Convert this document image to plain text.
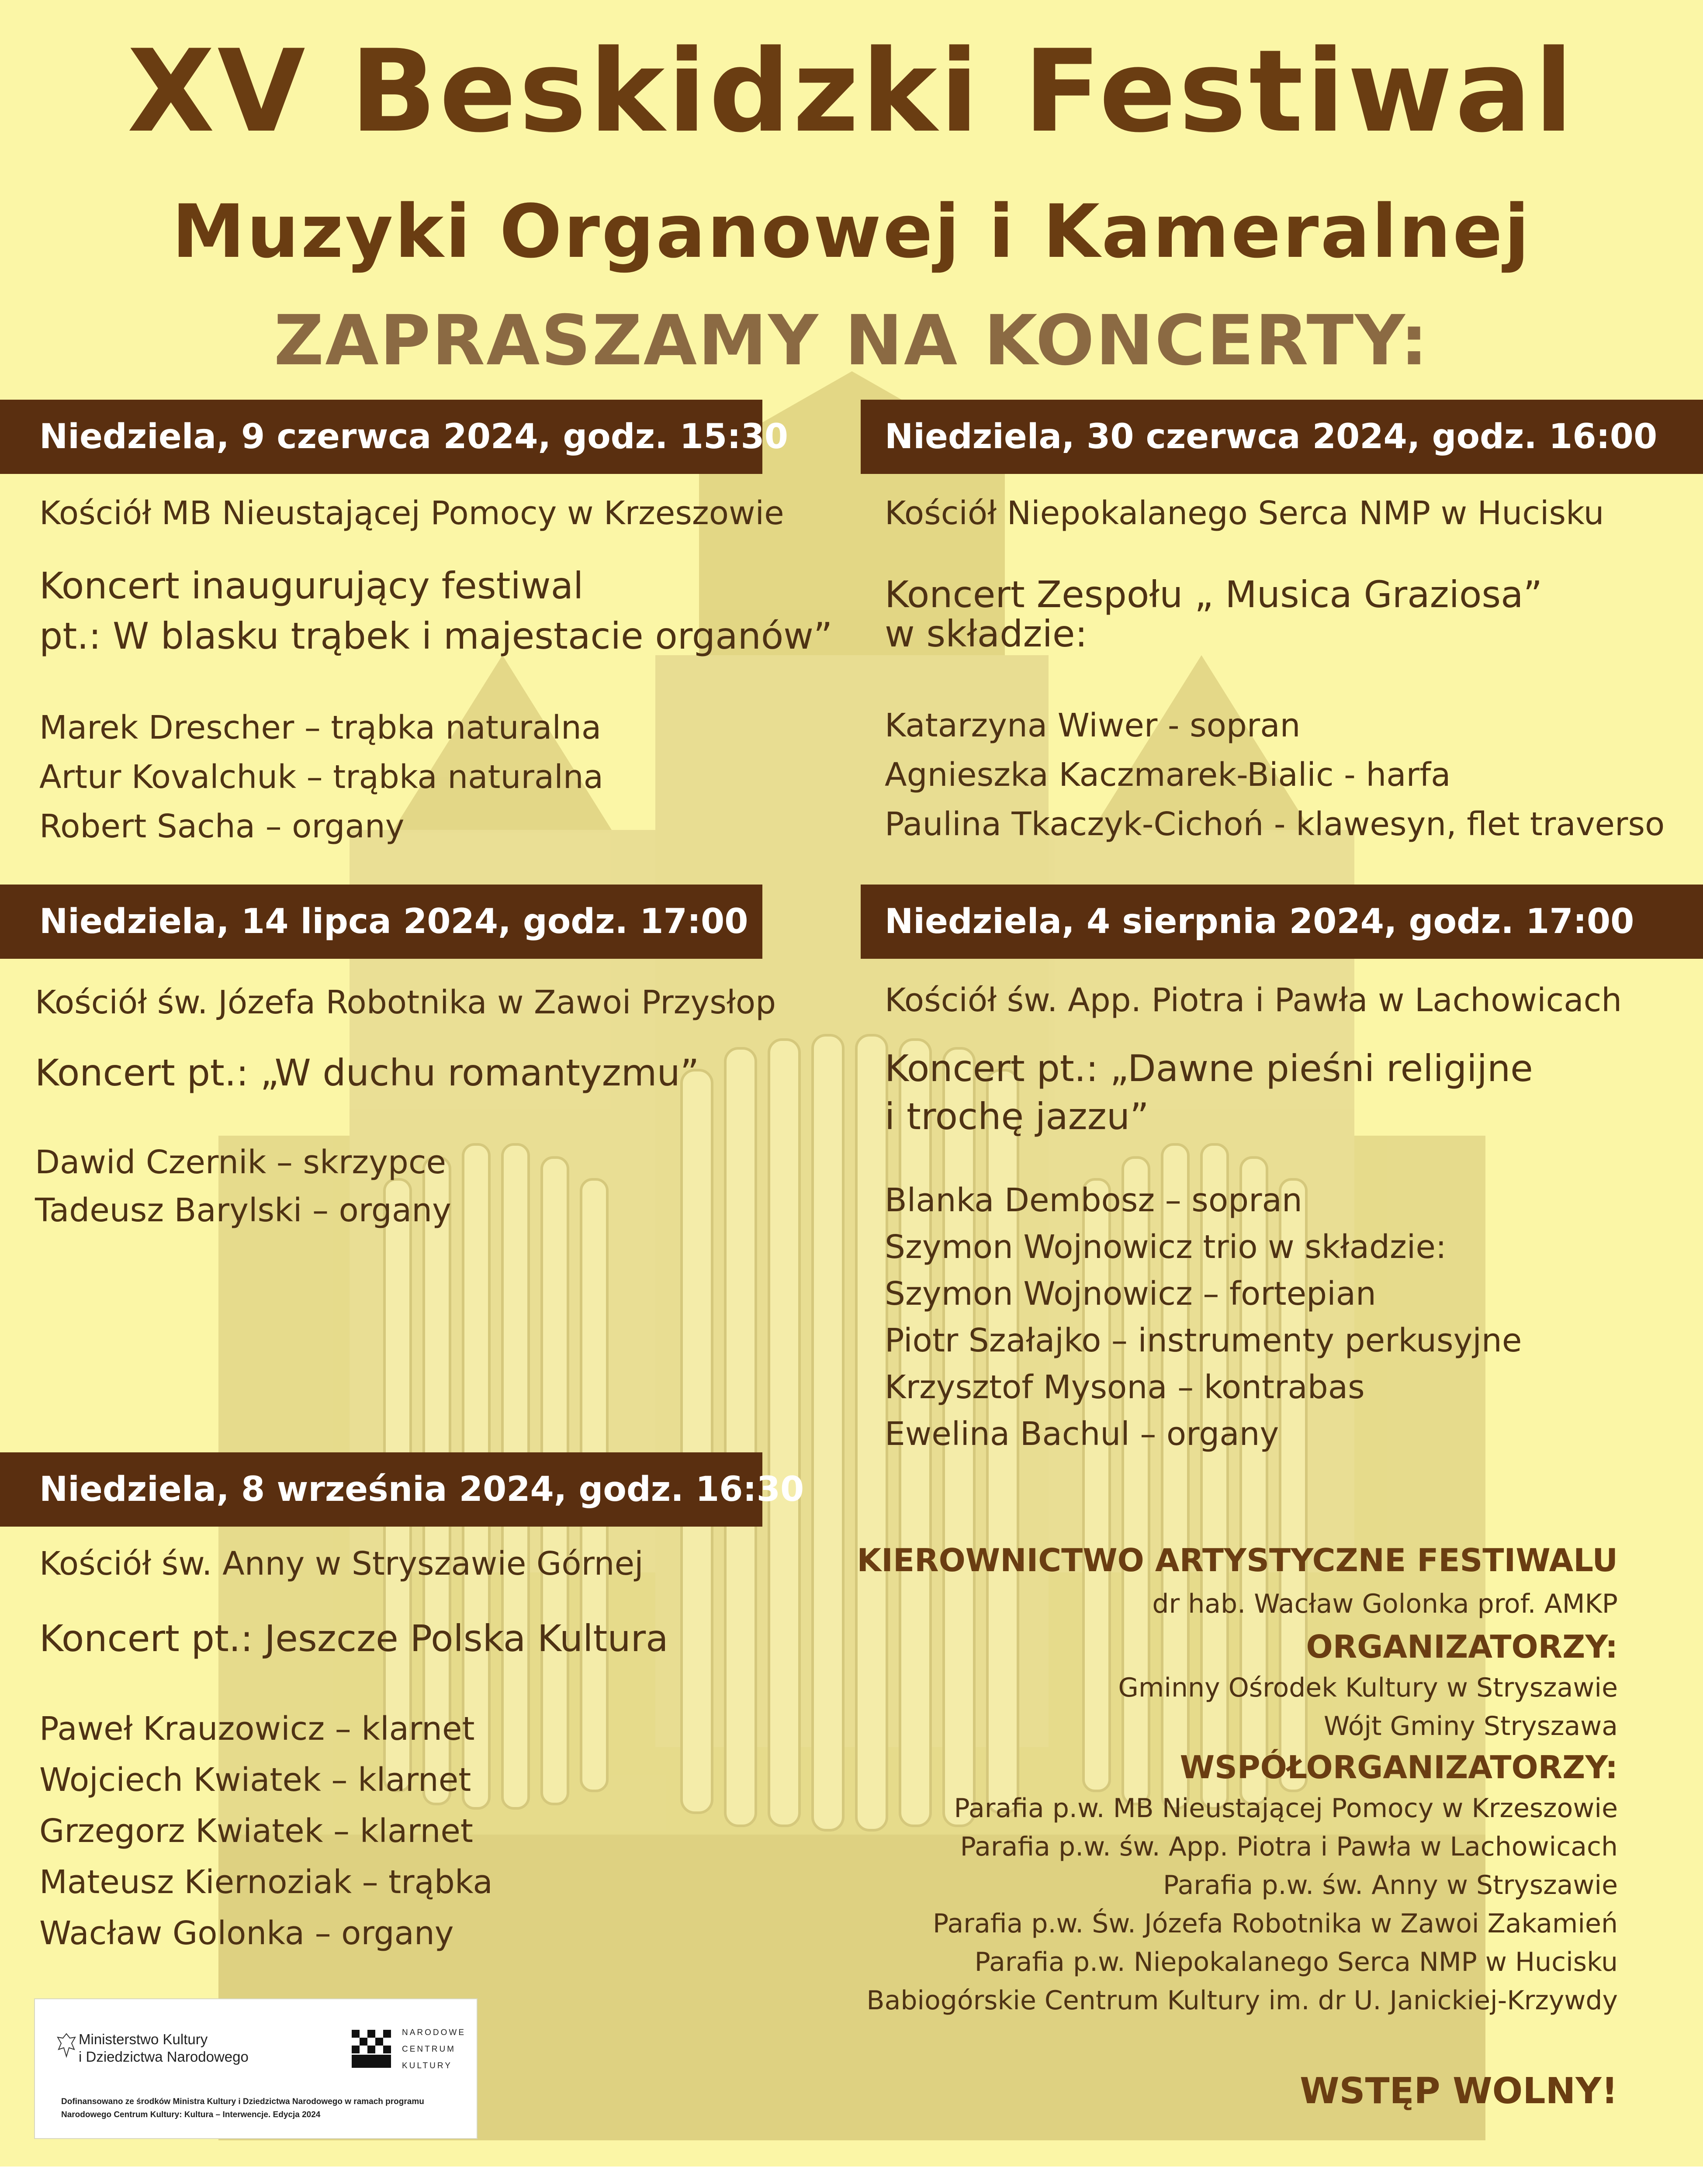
XV Beskidzki Festiwal
Muzyki Organowej i Kameralnej
ZAPRASZAMY NA KONCERTY:
Niedziela, 9 czerwca 2024, godz. 15:30
Kościół MB Nieustającej Pomocy w Krzeszowie
Koncert inaugurujący festiwal
pt.: W blasku trąbek i majestacie organów”
Marek Drescher – trąbka naturalna
Artur Kovalchuk – trąbka naturalna
Robert Sacha – organy
Niedziela, 30 czerwca 2024, godz. 16:00
Kościół Niepokalanego Serca NMP w Hucisku
Koncert Zespołu „ Musica Graziosa”
w składzie:
Katarzyna Wiwer - sopran
Agnieszka Kaczmarek-Bialic - harfa
Paulina Tkaczyk-Cichoń - klawesyn, flet traverso
Niedziela, 14 lipca 2024, godz. 17:00
Kościół św. Józefa Robotnika w Zawoi Przysłop
Koncert pt.: „W duchu romantyzmu”
Dawid Czernik – skrzypce
Tadeusz Barylski – organy
Niedziela, 4 sierpnia 2024, godz. 17:00
Kościół św. App. Piotra i Pawła w Lachowicach
Koncert pt.: „Dawne pieśni religijne
i trochę jazzu”
Blanka Dembosz – sopran
Szymon Wojnowicz trio w składzie:
Szymon Wojnowicz – fortepian
Piotr Szałajko – instrumenty perkusyjne
Krzysztof Mysona – kontrabas
Ewelina Bachul – organy
Niedziela, 8 września 2024, godz. 16:30
Kościół św. Anny w Stryszawie Górnej
Koncert pt.: Jeszcze Polska Kultura
Paweł Krauzowicz – klarnet
Wojciech Kwiatek – klarnet
Grzegorz Kwiatek – klarnet
Mateusz Kiernoziak – trąbka
Wacław Golonka – organy
KIEROWNICTWO ARTYSTYCZNE FESTIWALU
dr hab. Wacław Golonka prof. AMKP
ORGANIZATORZY:
Gminny Ośrodek Kultury w Stryszawie
Wójt Gminy Stryszawa
WSPÓŁORGANIZATORZY:
Parafia p.w. MB Nieustającej Pomocy w Krzeszowie
Parafia p.w. św. App. Piotra i Pawła w Lachowicach
Parafia p.w. św. Anny w Stryszawie
Parafia p.w. Św. Józefa Robotnika w Zawoi Zakamień
Parafia p.w. Niepokalanego Serca NMP w Hucisku
Babiogórskie Centrum Kultury im. dr U. Janickiej-Krzywdy
WSTĘP WOLNY!
Ministerstwo Kultury
i Dziedzictwa Narodowego
NARODOWE
CENTRUM
KULTURY
Dofinansowano ze środków Ministra Kultury i Dziedzictwa Narodowego w ramach programu Narodowego Centrum Kultury: Kultura – Interwencje. Edycja 2024
